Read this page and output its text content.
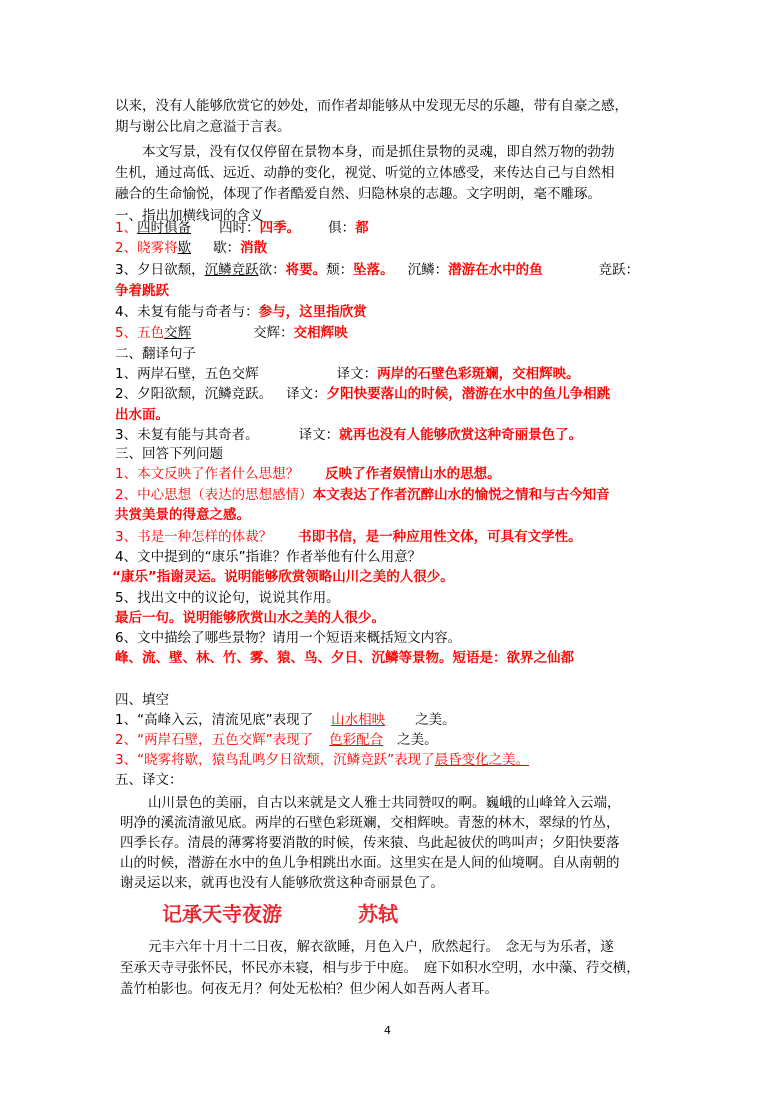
以来，没有人能够欣赏它的妙处，而作者却能够从中发现无尽的乐趣，带有自豪之感，
期与谢公比肩之意溢于言表。
本文写景，没有仅仅停留在景物本身，而是抓住景物的灵魂，即自然万物的勃勃
生机，通过高低、远近、动静的变化，视觉、听觉的立体感受，来传达自己与自然相
融合的生命愉悦，体现了作者酷爱自然、归隐林泉的志趣。文字明朗，毫不雕琢。
一、指出加横线词的含义
1、四时俱备 四时：四季。 俱：都
2、晓雾将歇 歇：消散
3、夕日欲颓，沉鳞竞跃欲：将要。颓：坠落。 沉鳞：潜游在水中的鱼	竞跃：
争着跳跃
4、未复有能与奇者与：参与，这里指欣赏
5、五色交辉	交辉：交相辉映
二、翻译句子
1、两岸石壁，五色交辉	译文：两岸的石壁色彩斑斓，交相辉映。
2、夕阳欲颓，沉鳞竞跃。 译文：夕阳快要落山的时候，潜游在水中的鱼儿争相跳
出水面。
3、未复有能与其奇者。	译文：就再也没有人能够欣赏这种奇丽景色了。
三、回答下列问题
1、本文反映了作者什么思想？ 反映了作者娱情山水的思想。
2、中心思想（表达的思想感情）本文表达了作者沉醉山水的愉悦之情和与古今知音
共赏美景的得意之感。
3、书是一种怎样的体裁？ 书即书信，是一种应用性文体，可具有文学性。
4、文中提到的“康乐”指谁？作者举他有什么用意？
“康乐”指谢灵运。说明能够欣赏领略山川之美的人很少。
5、找出文中的议论句，说说其作用。
最后一句。说明能够欣赏山水之美的人很少。
6、文中描绘了哪些景物？请用一个短语来概括短文内容。
峰、流、壁、林、竹、雾、猿、鸟、夕日、沉鳞等景物。短语是：欲界之仙都
四、填空
1、“高峰入云，清流见底”表现了 山水相映 之美。
2、“两岸石壁，五色交辉”表现了 色彩配合 之美。
3、“晓雾将歇，猿鸟乱鸣夕日欲颓，沉鳞竞跃”表现了晨昏变化之美。
五、译文：
山川景色的美丽，自古以来就是文人雅士共同赞叹的啊。巍峨的山峰耸入云端，
明净的溪流清澈见底。两岸的石壁色彩斑斓，交相辉映。青葱的林木，翠绿的竹丛，
四季长存。清晨的薄雾将要消散的时候，传来猿、鸟此起彼伏的鸣叫声；夕阳快要落
山的时候，潜游在水中的鱼儿争相跳出水面。这里实在是人间的仙境啊。自从南朝的
谢灵运以来，就再也没有人能够欣赏这种奇丽景色了。
记承天寺夜游	苏轼
元丰六年十月十二日夜，解衣欲睡，月色入户，欣然起行。　念无与为乐者，遂
至承天寺寻张怀民，怀民亦未寝，相与步于中庭。　庭下如积水空明，水中藻、荇交横，
盖竹柏影也。何夜无月？何处无松柏？但少闲人如吾两人者耳。
4
